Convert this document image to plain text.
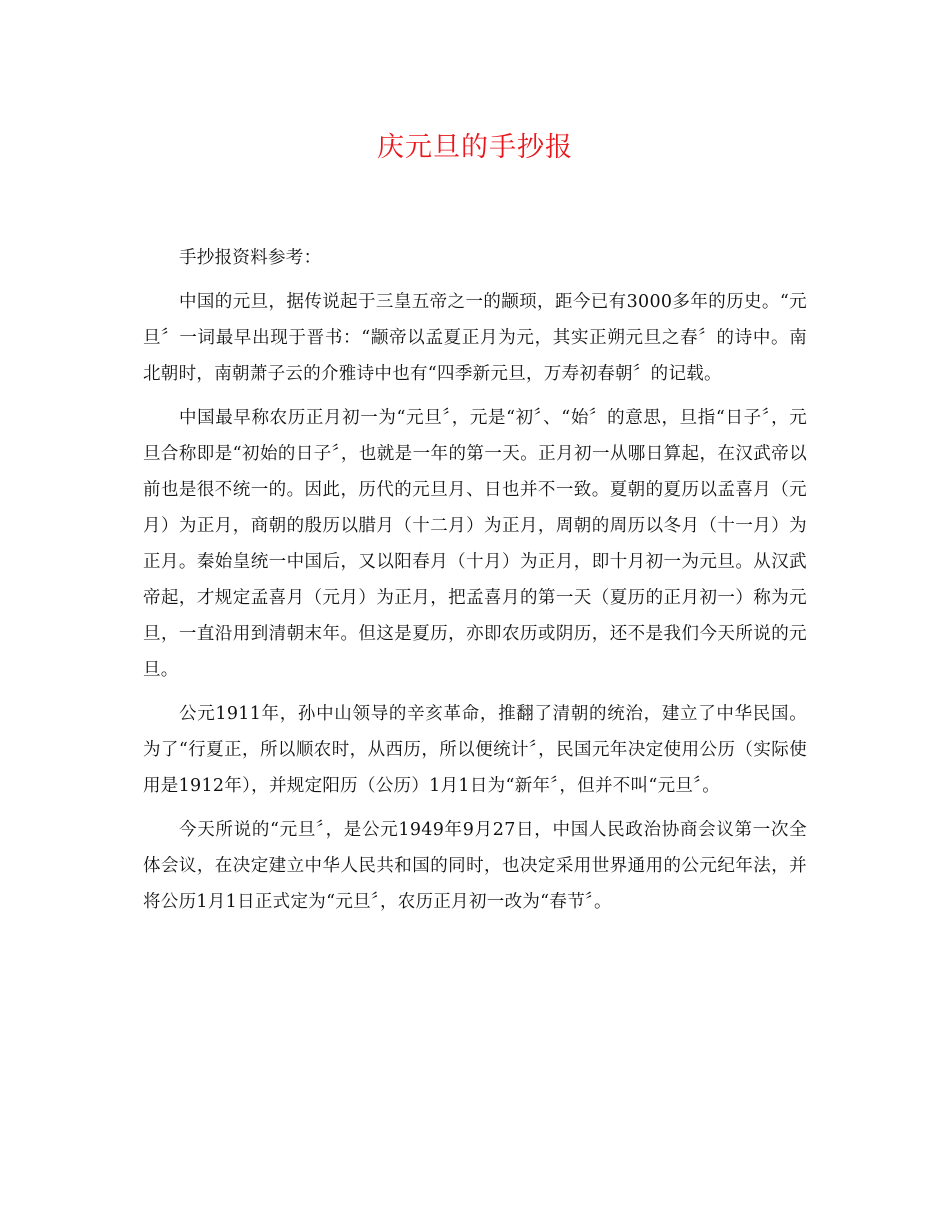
庆元旦的手抄报

手抄报资料参考：

中国的元旦，据传说起于三皇五帝之一的颛顼，距今已有3000多年的历史。“元旦〞一词最早出现于晋书：“颛帝以孟夏正月为元，其实正朔元旦之春〞的诗中。南北朝时，南朝萧子云的介雅诗中也有“四季新元旦，万寿初春朝〞的记载。

中国最早称农历正月初一为“元旦〞，元是“初〞、“始〞的意思，旦指“日子〞，元旦合称即是“初始的日子〞，也就是一年的第一天。正月初一从哪日算起，在汉武帝以前也是很不统一的。因此，历代的元旦月、日也并不一致。夏朝的夏历以孟喜月（元月）为正月，商朝的殷历以腊月（十二月）为正月，周朝的周历以冬月（十一月）为正月。秦始皇统一中国后，又以阳春月（十月）为正月，即十月初一为元旦。从汉武帝起，才规定孟喜月（元月）为正月，把孟喜月的第一天（夏历的正月初一）称为元旦，一直沿用到清朝末年。但这是夏历，亦即农历或阴历，还不是我们今天所说的元旦。

公元1911年，孙中山领导的辛亥革命，推翻了清朝的统治，建立了中华民国。为了“行夏正，所以顺农时，从西历，所以便统计〞，民国元年决定使用公历（实际使用是1912年），并规定阳历（公历）1月1日为“新年〞，但并不叫“元旦〞。

今天所说的“元旦〞，是公元1949年9月27日，中国人民政治协商会议第一次全体会议，在决定建立中华人民共和国的同时，也决定采用世界通用的公元纪年法，并将公历1月1日正式定为“元旦〞，农历正月初一改为“春节〞。
